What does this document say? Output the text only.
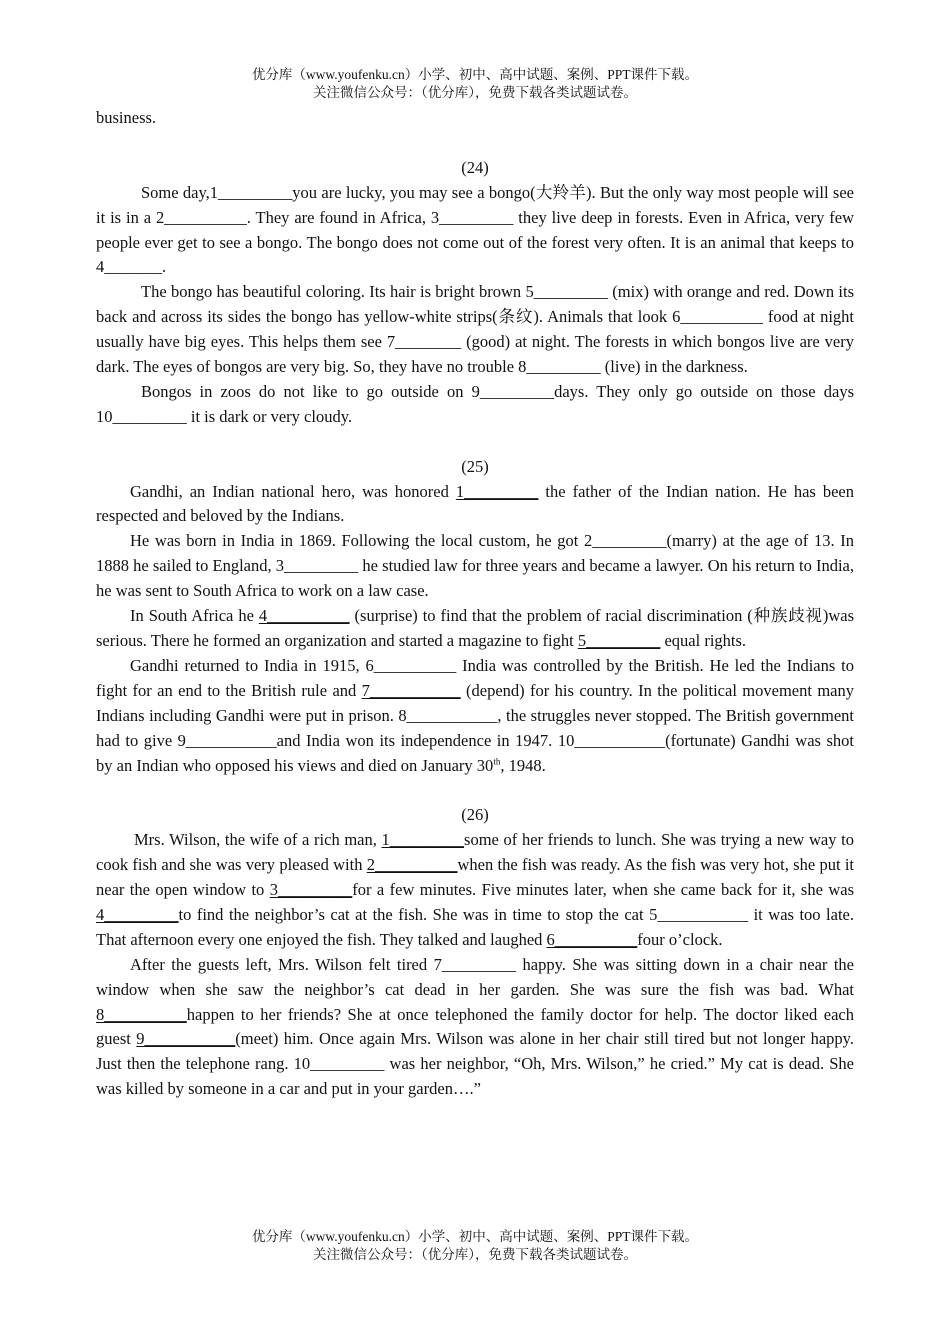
优分库（www.youfenku.cn）小学、初中、高中试题、案例、PPT课件下载。
关注微信公众号：（优分库），免费下载各类试题试卷。

business.

(24)

Some day,1_________you are lucky, you may see a bongo(大羚羊). But the only way most people will see it is in a 2__________. They are found in Africa, 3_________ they live deep in forests. Even in Africa, very few people ever get to see a bongo. The bongo does not come out of the forest very often. It is an animal that keeps to 4_______.

The bongo has beautiful coloring. Its hair is bright brown 5_________ (mix) with orange and red. Down its back and across its sides the bongo has yellow-white strips(条纹). Animals that look 6__________ food at night usually have big eyes. This helps them see 7________ (good) at night. The forests in which bongos live are very dark. The eyes of bongos are very big. So, they have no trouble 8_________ (live) in the darkness.

Bongos in zoos do not like to go outside on 9_________days. They only go outside on those days 10_________ it is dark or very cloudy.

(25)

Gandhi, an Indian national hero, was honored 1_________ the father of the Indian nation. He has been respected and beloved by the Indians.

He was born in India in 1869. Following the local custom, he got 2_________(marry) at the age of 13. In 1888 he sailed to England, 3_________ he studied law for three years and became a lawyer. On his return to India, he was sent to South Africa to work on a law case.

In South Africa he 4__________ (surprise) to find that the problem of racial discrimination (种族歧视)was serious. There he formed an organization and started a magazine to fight 5_________ equal rights.

Gandhi returned to India in 1915, 6__________ India was controlled by the British. He led the Indians to fight for an end to the British rule and 7___________ (depend) for his country. In the political movement many Indians including Gandhi were put in prison. 8___________, the struggles never stopped. The British government had to give 9___________and India won its independence in 1947. 10___________(fortunate) Gandhi was shot by an Indian who opposed his views and died on January 30th, 1948.

(26)

Mrs. Wilson, the wife of a rich man, 1_________some of her friends to lunch. She was trying a new way to cook fish and she was very pleased with 2__________when the fish was ready. As the fish was very hot, she put it near the open window to 3_________for a few minutes. Five minutes later, when she came back for it, she was 4_________to find the neighbor’s cat at the fish. She was in time to stop the cat 5___________ it was too late. That afternoon every one enjoyed the fish. They talked and laughed 6__________four o’clock.

After the guests left, Mrs. Wilson felt tired 7_________ happy. She was sitting down in a chair near the window when she saw the neighbor’s cat dead in her garden. She was sure the fish was bad. What 8__________happen to her friends? She at once telephoned the family doctor for help. The doctor liked each guest 9___________(meet) him. Once again Mrs. Wilson was alone in her chair still tired but not longer happy. Just then the telephone rang. 10_________ was her neighbor, “Oh, Mrs. Wilson,” he cried.” My cat is dead. She was killed by someone in a car and put in your garden….”

优分库（www.youfenku.cn）小学、初中、高中试题、案例、PPT课件下载。
关注微信公众号：（优分库），免费下载各类试题试卷。
